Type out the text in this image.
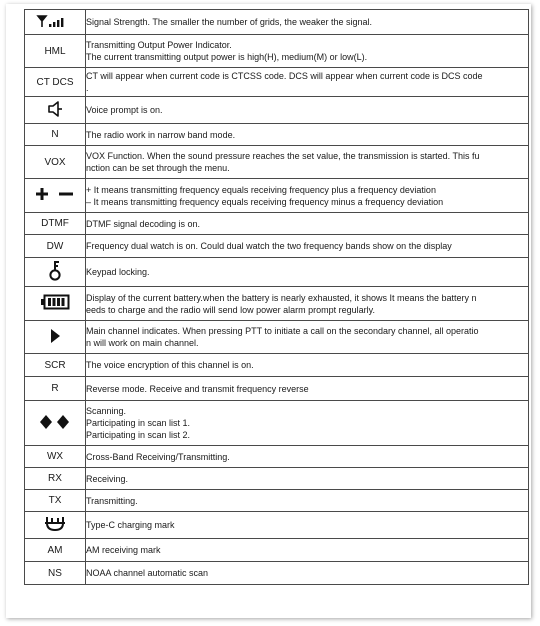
Signal Strength. The smaller the number of grids, the weaker the signal.

HML	Transmitting Output Power Indicator.
The current transmitting output power is high(H), medium(M) or low(L).

CT DCS	CT will appear when current code is CTCSS code. DCS will appear when current code is DCS code
.

Voice prompt is on.

N	The radio work in narrow band mode.

VOX	VOX Function. When the sound pressure reaches the set value, the transmission is started. This fu
nction can be set through the menu.

+ It means transmitting frequency equals receiving frequency plus a frequency deviation
– It means transmitting frequency equals receiving frequency minus a frequency deviation

DTMF	DTMF signal decoding is on.

DW	Frequency dual watch is on. Could dual watch the two frequency bands show on the display

Keypad locking.

Display of the current battery.when the battery is nearly exhausted, it shows It means the battery n
eeds to charge and the radio will send low power alarm prompt regularly.

Main channel indicates. When pressing PTT to initiate a call on the secondary channel, all operatio
n will work on main channel.

SCR	The voice encryption of this channel is on.

R	Reverse mode. Receive and transmit frequency reverse

Scanning.
Participating in scan list 1.
Participating in scan list 2.

WX	Cross-Band Receiving/Transmitting.

RX	Receiving.

TX	Transmitting.

Type-C charging mark

AM	AM receiving mark

NS	NOAA channel automatic scan
